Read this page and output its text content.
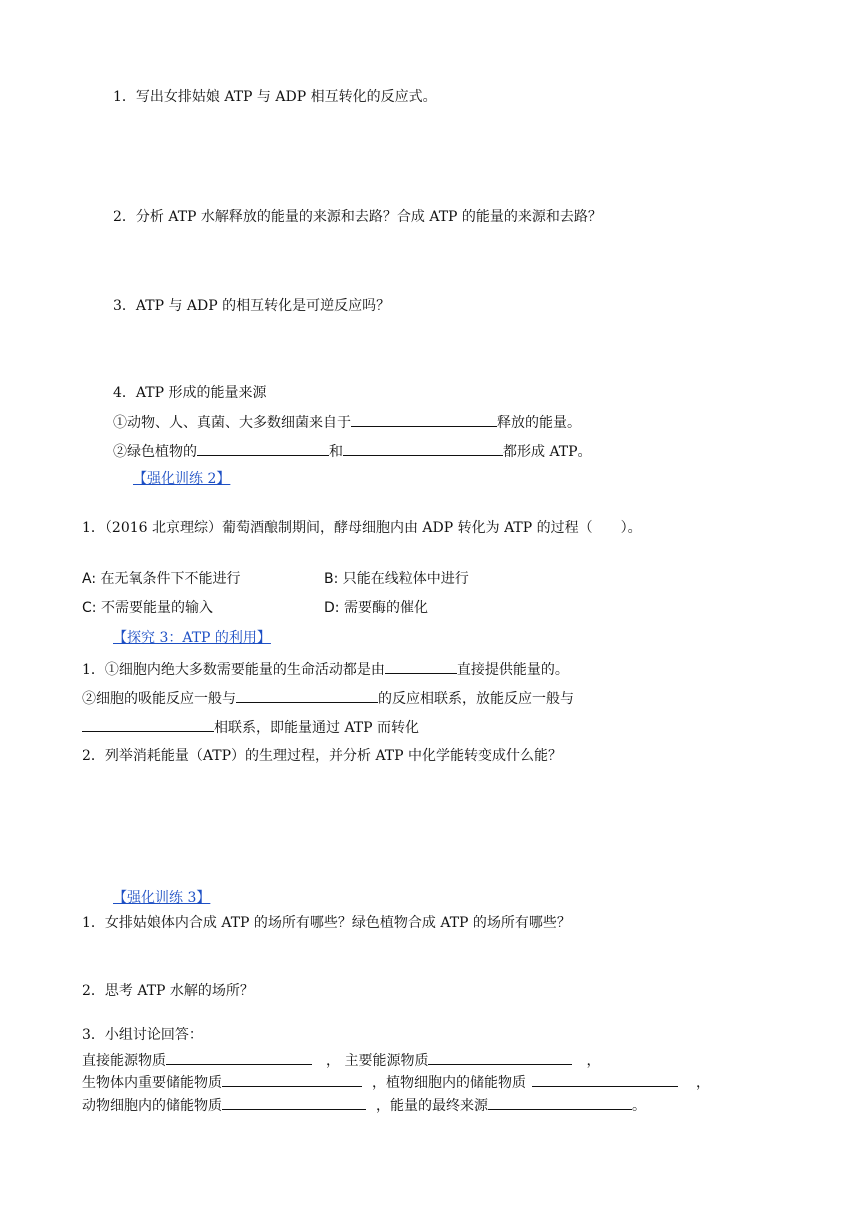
1．写出女排姑娘 ATP 与 ADP 相互转化的反应式。
2．分析 ATP 水解释放的能量的来源和去路？合成 ATP 的能量的来源和去路？
3．ATP 与 ADP 的相互转化是可逆反应吗？
4．ATP 形成的能量来源
①动物、人、真菌、大多数细菌来自于	释放的能量。
②绿色植物的	和	都形成 ATP。
【强化训练 2】
1．（2016 北京理综）葡萄酒酿制期间，酵母细胞内由 ADP 转化为 ATP 的过程（　　）。
A: 在无氧条件下不能进行	B: 只能在线粒体中进行
C: 不需要能量的输入	D: 需要酶的催化
【探究 3：ATP 的利用】
1．①细胞内绝大多数需要能量的生命活动都是由	直接提供能量的。
②细胞的吸能反应一般与	的反应相联系，放能反应一般与
相联系，即能量通过 ATP 而转化
2．列举消耗能量（ATP）的生理过程，并分析 ATP 中化学能转变成什么能？
【强化训练 3】
1．女排姑娘体内合成 ATP 的场所有哪些？绿色植物合成 ATP 的场所有哪些？
2．思考 ATP 水解的场所？
3．小组讨论回答：
直接能源物质	， 主要能源物质	，
生物体内重要储能物质	，植物细胞内的储能物质	，
动物细胞内的储能物质	，能量的最终来源	。
